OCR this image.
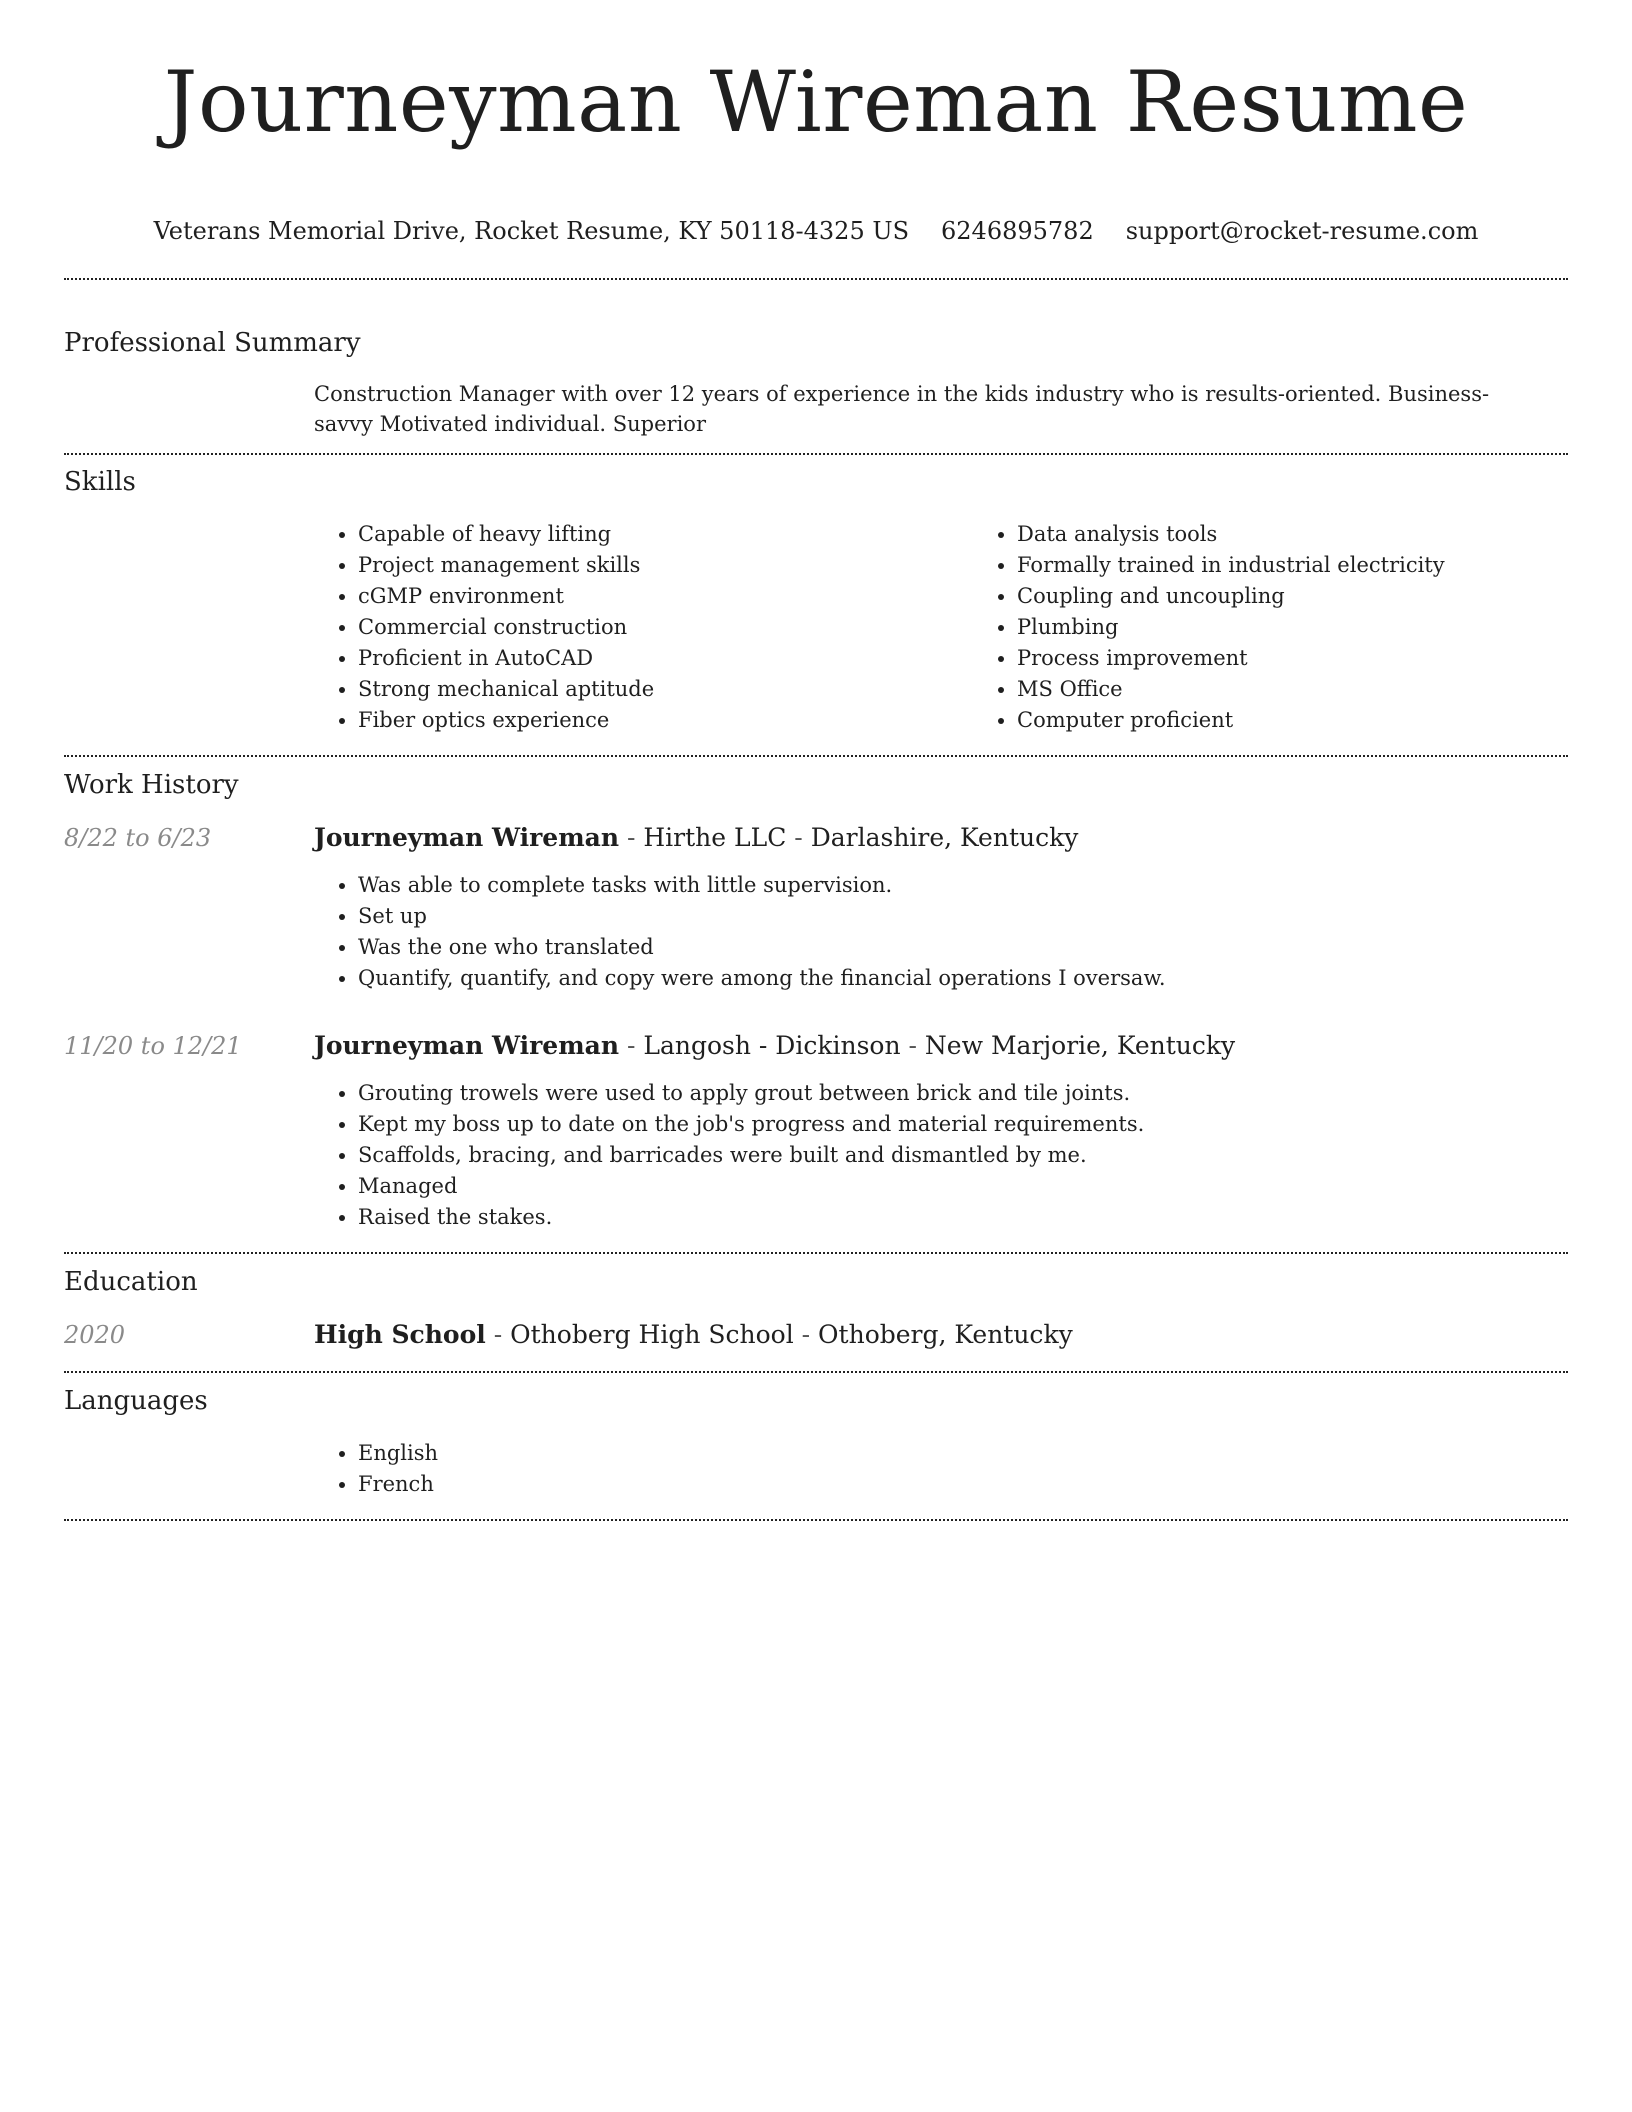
Journeyman Wireman Resume
Veterans Memorial Drive, Rocket Resume, KY 50118-4325 US 6246895782 support@rocket-resume.com
Professional Summary

Construction Manager with over 12 years of experience in the kids industry who is results-oriented. Business-savvy Motivated individual. Superior

Skills
• Capable of heavy lifting
• Project management skills
• cGMP environment
• Commercial construction
• Proficient in AutoCAD
• Strong mechanical aptitude
• Fiber optics experience
• Data analysis tools
• Formally trained in industrial electricity
• Coupling and uncoupling
• Plumbing
• Process improvement
• MS Office
• Computer proficient
Work History
8/22 to 6/23	Journeyman Wireman - Hirthe LLC - Darlashire, Kentucky
• Was able to complete tasks with little supervision.
• Set up
• Was the one who translated
• Quantify, quantify, and copy were among the financial operations I oversaw.
11/20 to 12/21	Journeyman Wireman - Langosh - Dickinson - New Marjorie, Kentucky
• Grouting trowels were used to apply grout between brick and tile joints.
• Kept my boss up to date on the job's progress and material requirements.
• Scaffolds, bracing, and barricades were built and dismantled by me.
• Managed
• Raised the stakes.
Education
2020	High School - Othoberg High School - Othoberg, Kentucky
Languages
• English
• French
